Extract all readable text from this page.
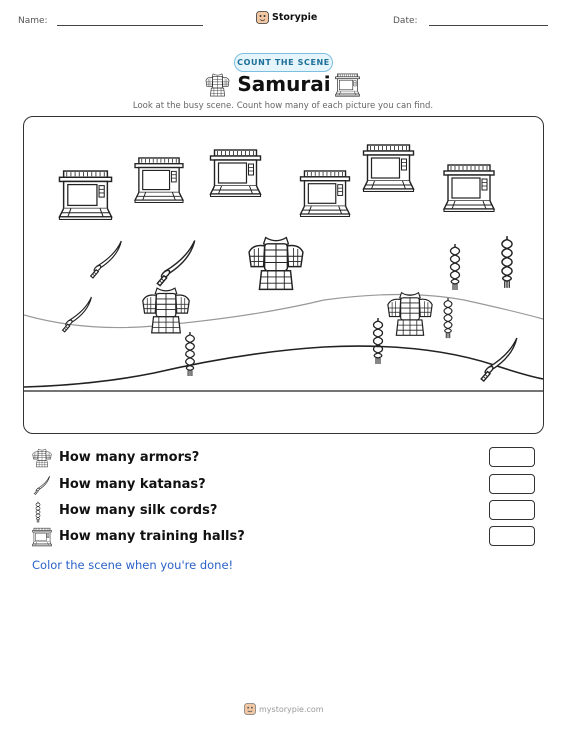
Name:	Storypie	Date:
COUNT THE SCENE
Samurai
Look at the busy scene. Count how many of each picture you can find.
How many armors?
How many katanas?
How many silk cords?
How many training halls?
Color the scene when you're done!
mystorypie.com
